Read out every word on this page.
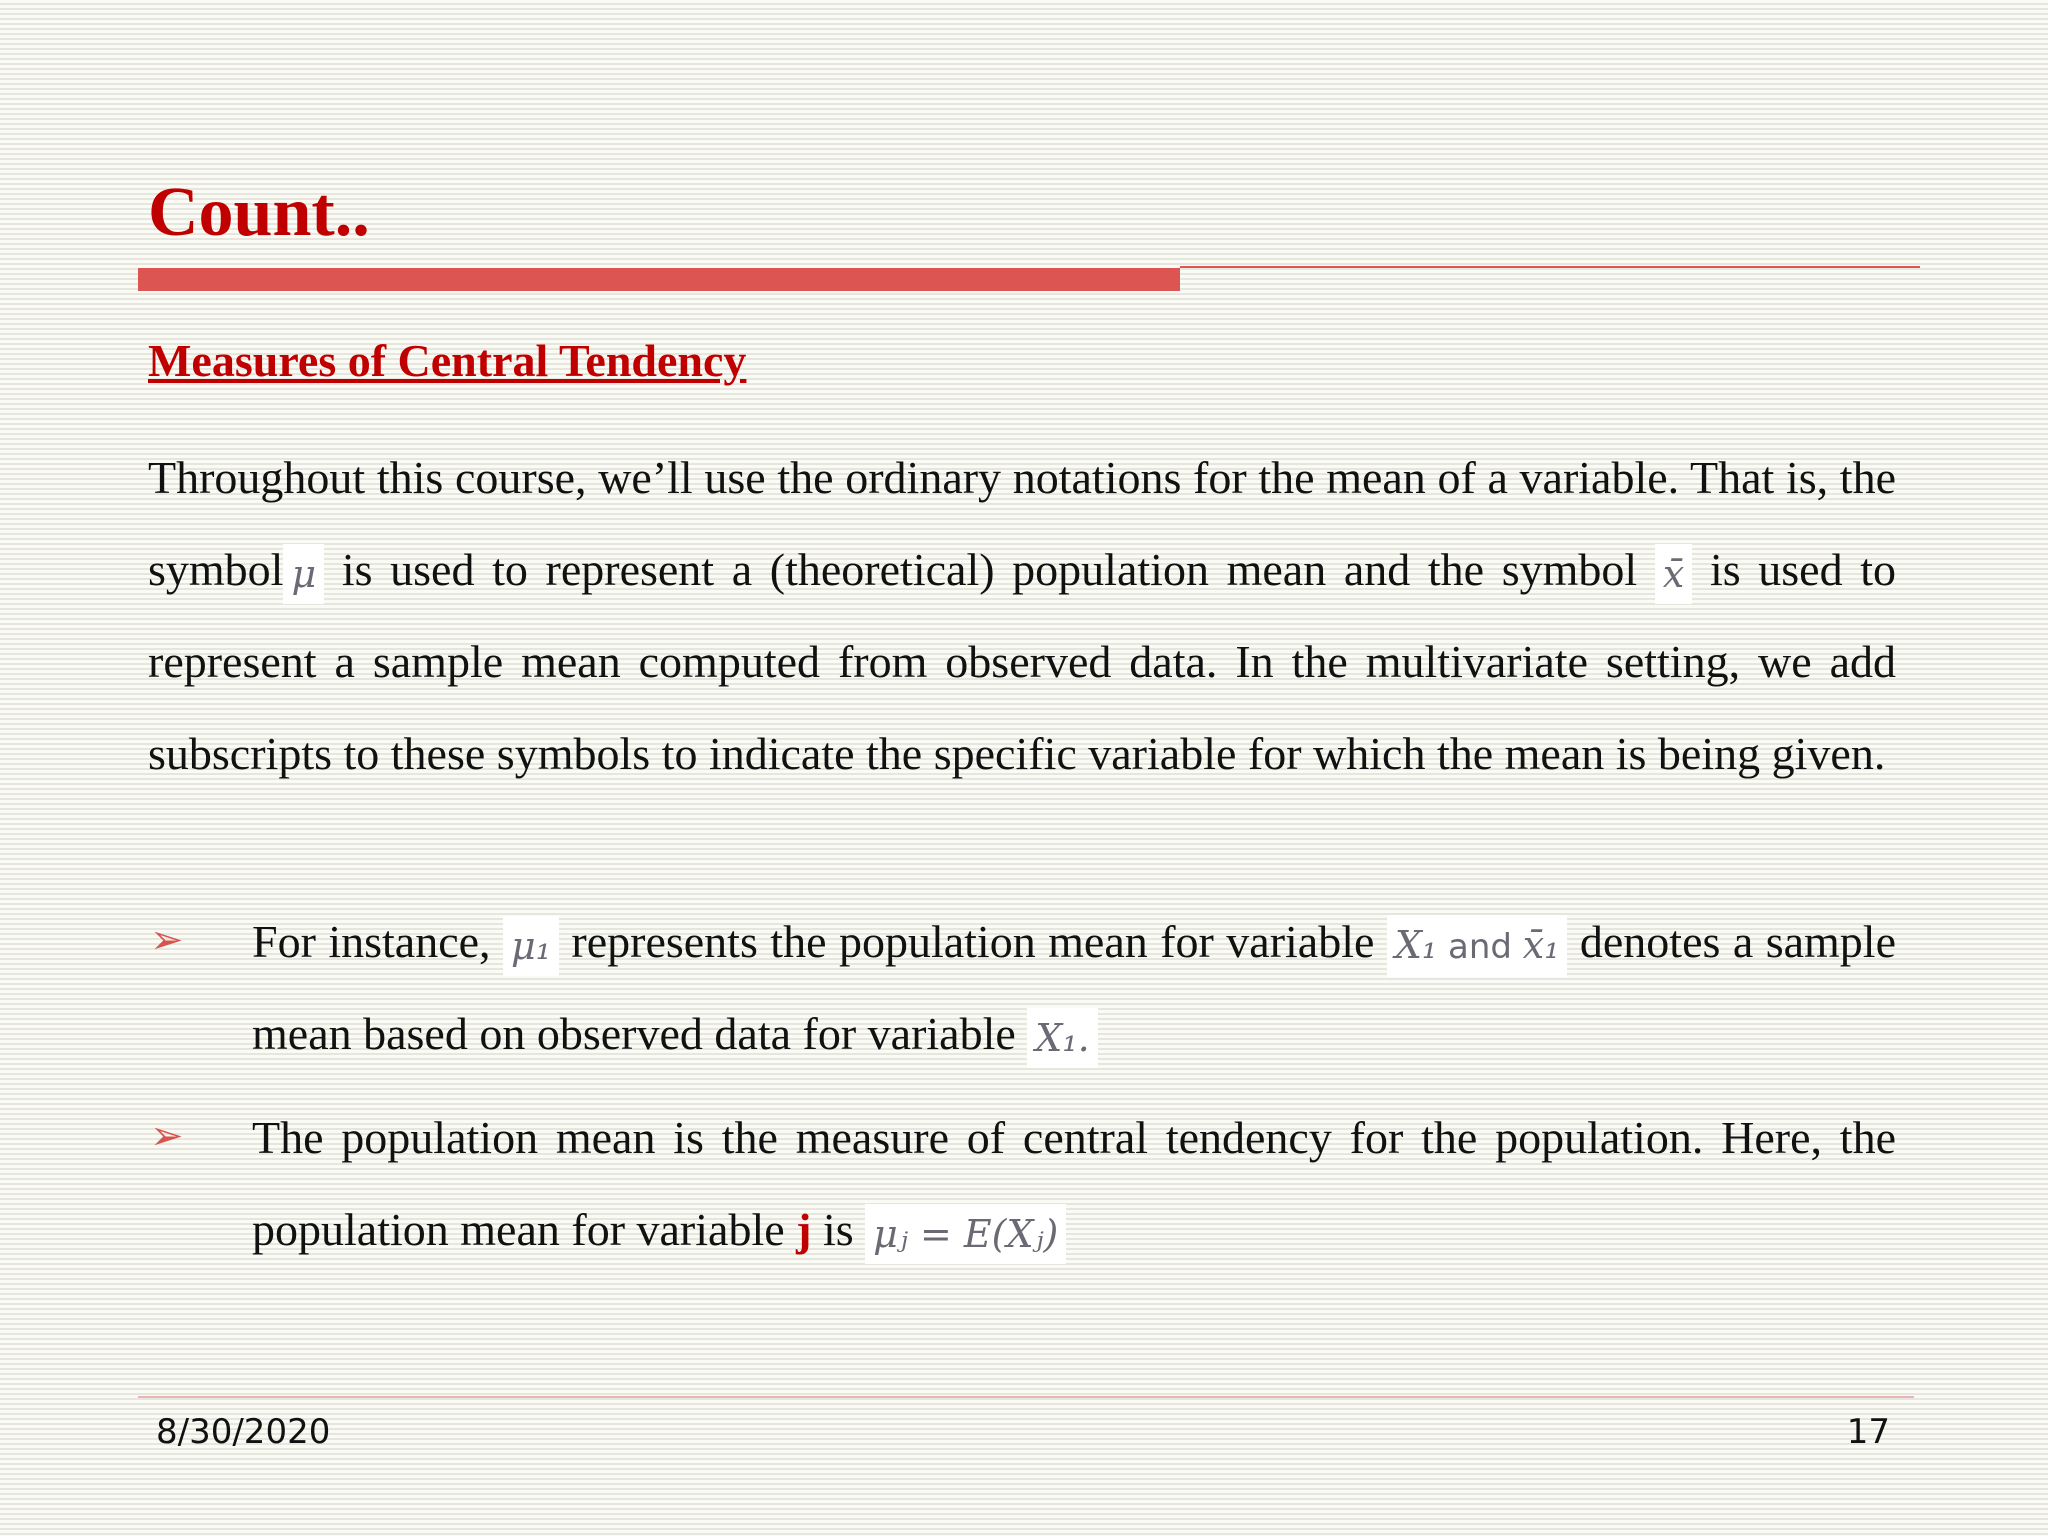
Count..
Measures of Central Tendency
Throughout this course, we’ll use the ordinary notations for the mean of a variable. That is, the symbol μ is used to represent a (theoretical) population mean and the symbol x̄ is used to represent a sample mean computed from observed data. In the multivariate setting, we add subscripts to these symbols to indicate the specific variable for which the mean is being given.
➢ For instance, μ₁ represents the population mean for variable X₁ and x̄₁ denotes a sample mean based on observed data for variable X₁.
➢ The population mean is the measure of central tendency for the population. Here, the population mean for variable j is μⱼ = E(Xⱼ)
8/30/2020	17
